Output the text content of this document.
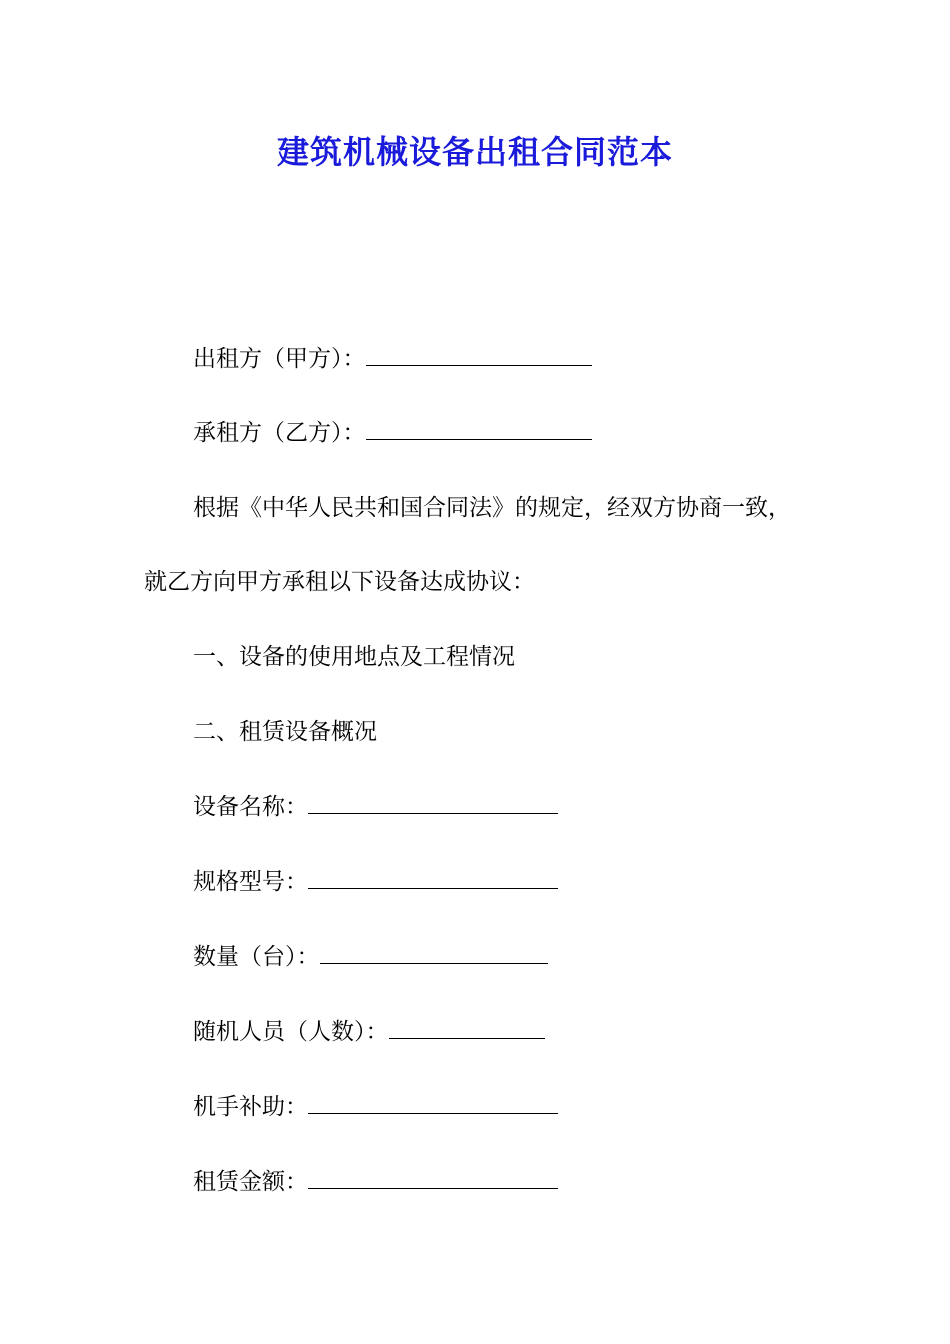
建筑机械设备出租合同范本
出租方（甲方）：
承租方（乙方）：
根据《中华人民共和国合同法》的规定，经双方协商一致，
就乙方向甲方承租以下设备达成协议：
一、设备的使用地点及工程情况
二、租赁设备概况
设备名称：
规格型号：
数量（台）：
随机人员（人数）：
机手补助：
租赁金额：
